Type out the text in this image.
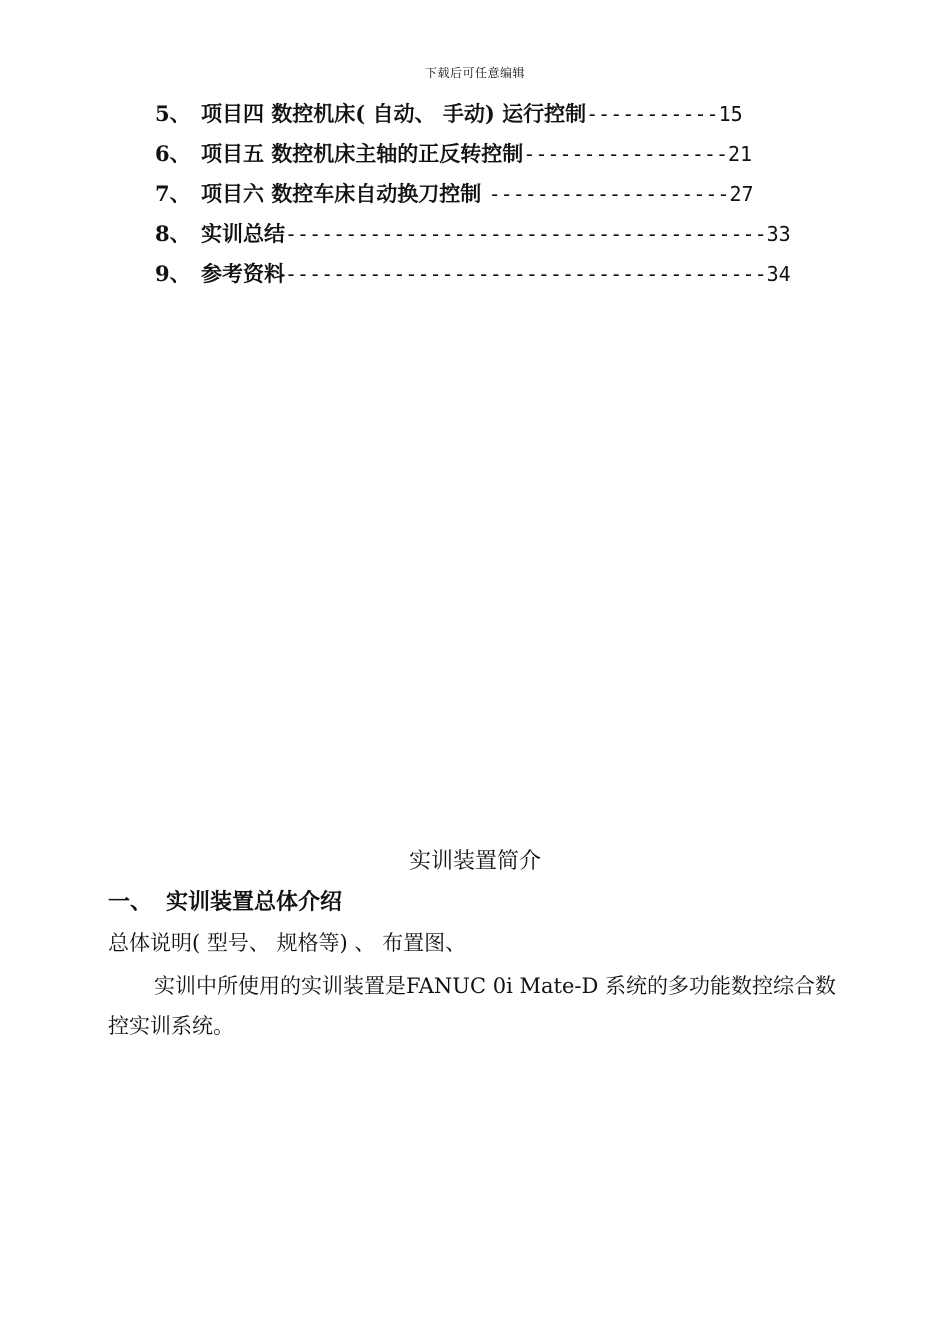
下载后可任意编辑
5、 项目四 数控机床( 自动、 手动) 运行控制-----------15
6、 项目五 数控机床主轴的正反转控制-----------------21
7、 项目六 数控车床自动换刀控制 --------------------27
8、 实训总结----------------------------------------33
9、 参考资料----------------------------------------34
实训装置简介
一、 实训装置总体介绍
总体说明( 型号、 规格等) 、 布置图、
实训中所使用的实训装置是FANUC 0i Mate-D 系统的多功能数控综合数控实训系统。
